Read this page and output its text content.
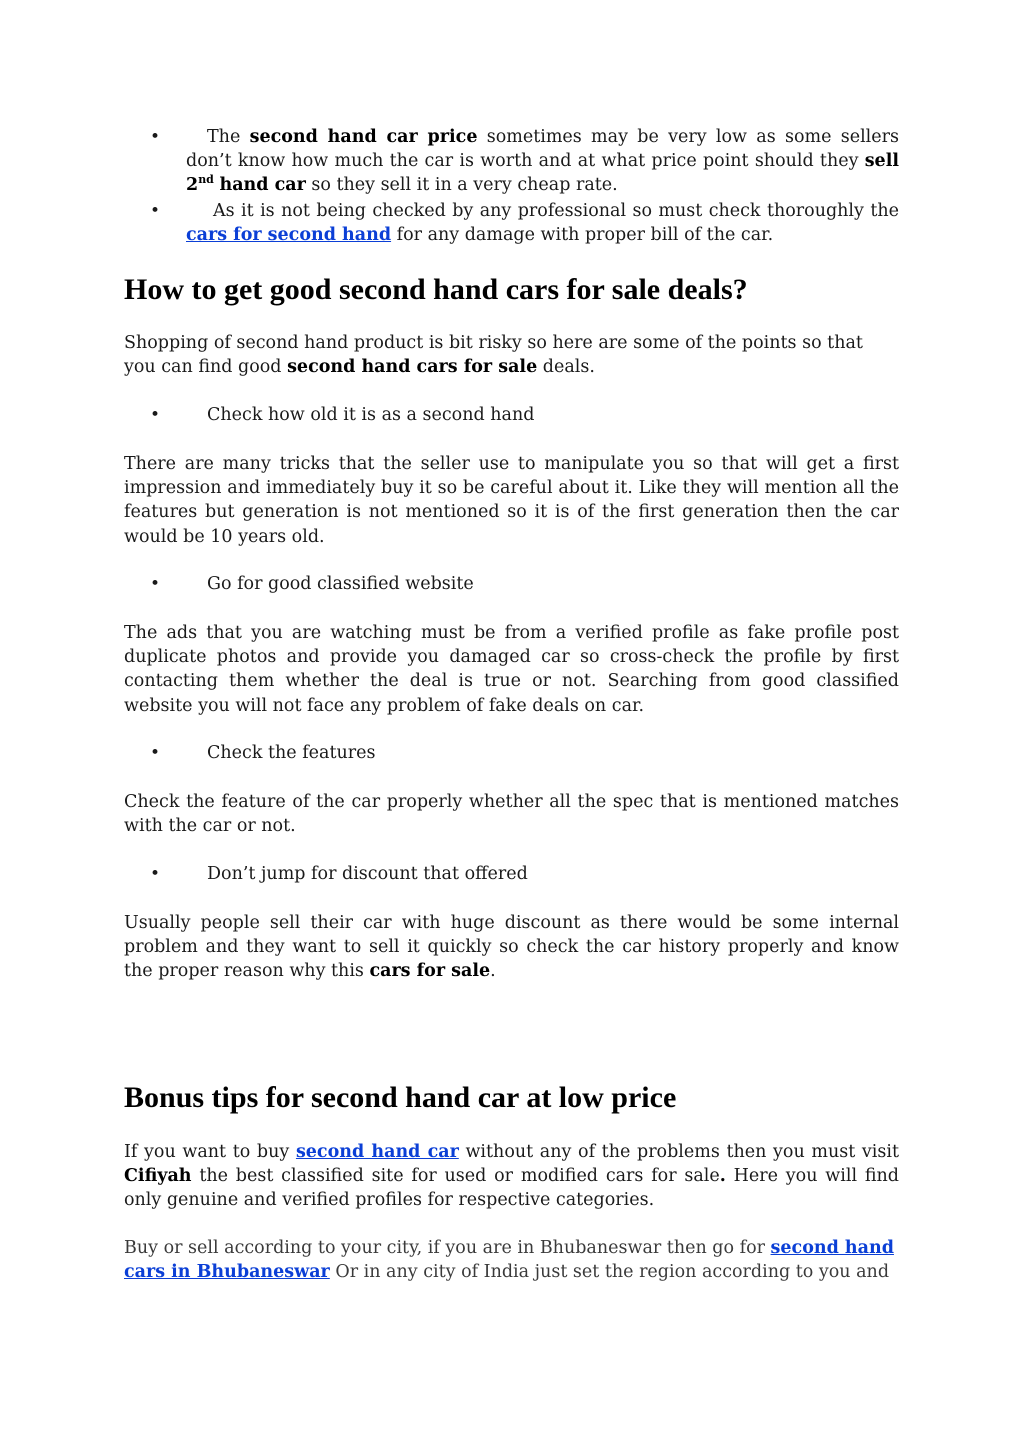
•	The second hand car price sometimes may be very low as some sellers don’t know how much the car is worth and at what price point should they sell 2nd hand car so they sell it in a very cheap rate.

•	As it is not being checked by any professional so must check thoroughly the cars for second hand for any damage with proper bill of the car.

How to get good second hand cars for sale deals?

Shopping of second hand product is bit risky so here are some of the points so that you can find good second hand cars for sale deals.

•	Check how old it is as a second hand

There are many tricks that the seller use to manipulate you so that will get a first impression and immediately buy it so be careful about it. Like they will mention all the features but generation is not mentioned so it is of the first generation then the car would be 10 years old.

•	Go for good classified website

The ads that you are watching must be from a verified profile as fake profile post duplicate photos and provide you damaged car so cross-check the profile by first contacting them whether the deal is true or not. Searching from good classified website you will not face any problem of fake deals on car.

•	Check the features

Check the feature of the car properly whether all the spec that is mentioned matches with the car or not.

•	Don’t jump for discount that offered

Usually people sell their car with huge discount as there would be some internal problem and they want to sell it quickly so check the car history properly and know the proper reason why this cars for sale.

Bonus tips for second hand car at low price

If you want to buy second hand car without any of the problems then you must visit Cifiyah the best classified site for used or modified cars for sale. Here you will find only genuine and verified profiles for respective categories.

Buy or sell according to your city, if you are in Bhubaneswar then go for second hand cars in Bhubaneswar Or in any city of India just set the region according to you and
